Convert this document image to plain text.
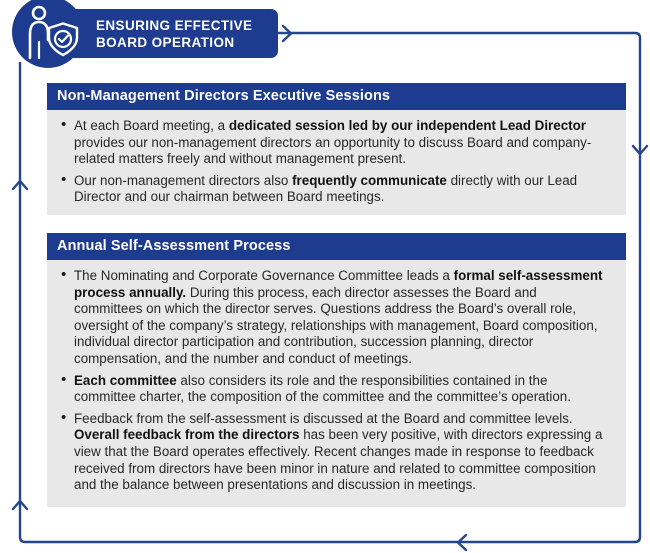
ENSURING EFFECTIVE
BOARD OPERATION
Non-Management Directors Executive Sessions
• At each Board meeting, a dedicated session led by our independent Lead Director provides our non-management directors an opportunity to discuss Board and company-related matters freely and without management present.
• Our non-management directors also frequently communicate directly with our Lead Director and our chairman between Board meetings.
Annual Self-Assessment Process
• The Nominating and Corporate Governance Committee leads a formal self-assessment process annually. During this process, each director assesses the Board and committees on which the director serves. Questions address the Board’s overall role, oversight of the company’s strategy, relationships with management, Board composition, individual director participation and contribution, succession planning, director compensation, and the number and conduct of meetings.
• Each committee also considers its role and the responsibilities contained in the committee charter, the composition of the committee and the committee’s operation.
• Feedback from the self-assessment is discussed at the Board and committee levels. Overall feedback from the directors has been very positive, with directors expressing a view that the Board operates effectively. Recent changes made in response to feedback received from directors have been minor in nature and related to committee composition and the balance between presentations and discussion in meetings.
